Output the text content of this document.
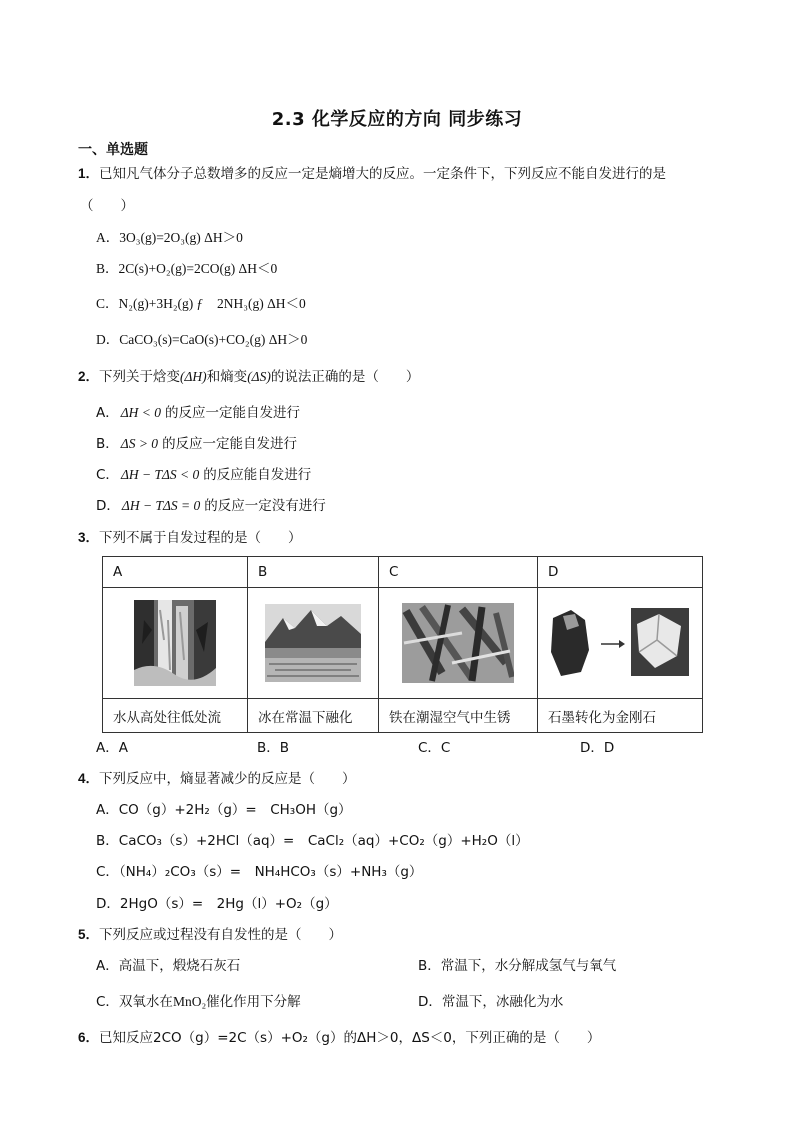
2.3 化学反应的方向 同步练习
一、单选题
1．已知凡气体分子总数增多的反应一定是熵增大的反应。一定条件下，下列反应不能自发进行的是
（　　）
A．3O₃(g)=2O₃(g) ΔH＞0
B．2C(s)+O₂(g)=2CO(g) ΔH＜0
C．N₂(g)+3H₂(g) ƒ 2NH₃(g) ΔH＜0
D．CaCO₃(s)=CaO(s)+CO₂(g) ΔH＞0
2．下列关于焓变(ΔH)和熵变(ΔS)的说法正确的是（　　）
A． ΔH < 0 的反应一定能自发进行
B． ΔS > 0 的反应一定能自发进行
C． ΔH − TΔS < 0 的反应能自发进行
D． ΔH − TΔS = 0 的反应一定没有进行
3．下列不属于自发过程的是（　　）
A	B	C	D

水从高处往低处流	冰在常温下融化	铁在潮湿空气中生锈	石墨转化为金刚石
A．A	B．B	C．C	D．D
4．下列反应中，熵显著减少的反应是（　　）
A．CO（g）+2H₂（g）=　CH₃OH（g）
B．CaCO₃（s）+2HCl（aq）=　CaCl₂（aq）+CO₂（g）+H₂O（l）
C．（NH₄）₂CO₃（s）=　NH₄HCO₃（s）+NH₃（g）
D．2HgO（s）=　2Hg（l）+O₂（g）
5．下列反应或过程没有自发性的是（　　）
A．高温下，煅烧石灰石	B．常温下，水分解成氢气与氧气
C．双氧水在MnO₂催化作用下分解	D．常温下，冰融化为水
6．已知反应2CO（g）=2C（s）+O₂（g）的ΔH＞0，ΔS＜0，下列正确的是（　　）
